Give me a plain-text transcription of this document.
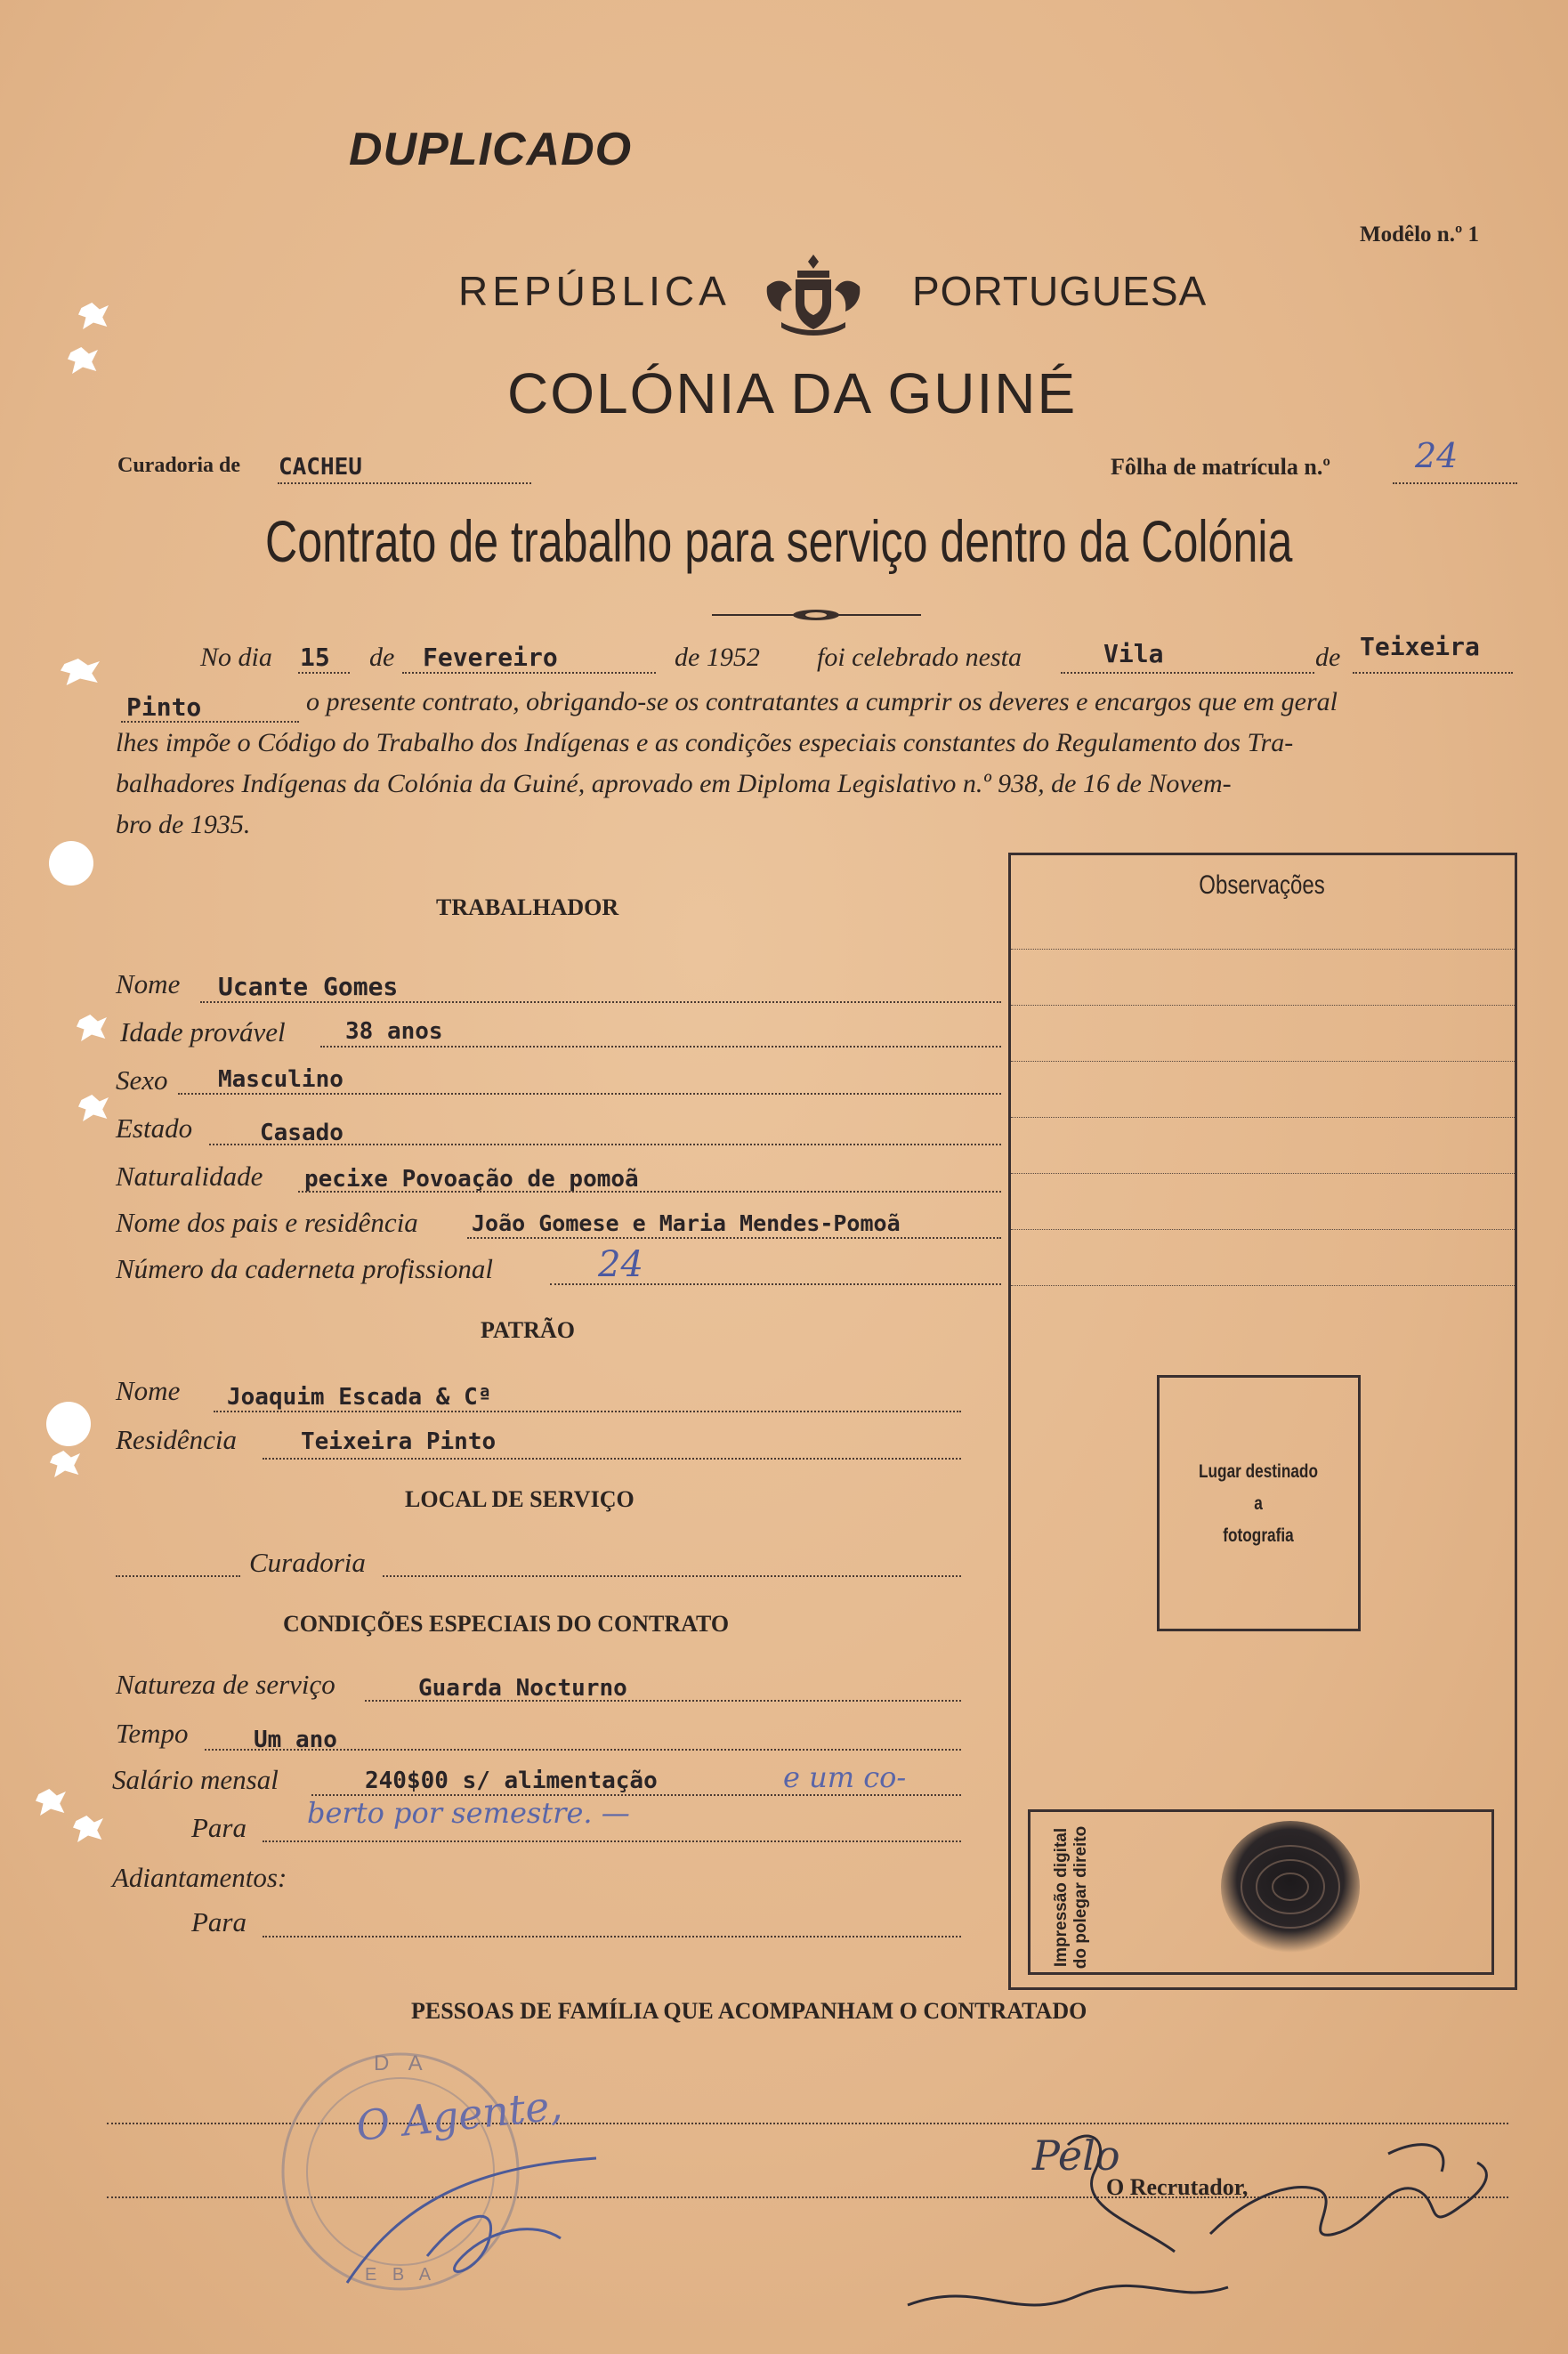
DUPLICADO
Modêlo n.º 1
REPÚBLICA	PORTUGUESA
COLÓNIA DA GUINÉ
Curadoria de CACHEU	Fôlha de matrícula n.º	24
Contrato de trabalho para serviço dentro da Colónia
No dia 15 de Fevereiro	de 1952 foi celebrado nesta	Vila	de Teixeira
Pinto	o presente contrato, obrigando-se os contratantes a cumprir os deveres e encargos que em geral
lhes impõe o Código do Trabalho dos Indígenas e as condições especiais constantes do Regulamento dos Tra-
balhadores Indígenas da Colónia da Guiné, aprovado em Diploma Legislativo n.º 938, de 16 de Novem-
bro de 1935.
Observações
Lugar destinado
a
fotografia
Impressão digital do polegar direito
TRABALHADOR
Nome Ucante Gomes
Idade provável	38 anos
Sexo Masculino
Estado	Casado
Naturalidade pecixe Povoação de pomoã
Nome dos pais e residência João Gomese e Maria Mendes-Pomoã
Número da caderneta profissional	24
PATRÃO
Nome Joaquim Escada & Cª
Residência	Teixeira Pinto
LOCAL DE SERVIÇO
Curadoria
CONDIÇÕES ESPECIAIS DO CONTRATO
Natureza de serviço	Guarda Nocturno
Tempo	Um ano
Salário mensal	240$00 s/ alimentação	e um co-
Para berto por semestre. —
Adiantamentos:
Para
PESSOAS DE FAMÍLIA QUE ACOMPANHAM O CONTRATADO
D A
E B A
O Agente,
Pelo
O Recrutador,
